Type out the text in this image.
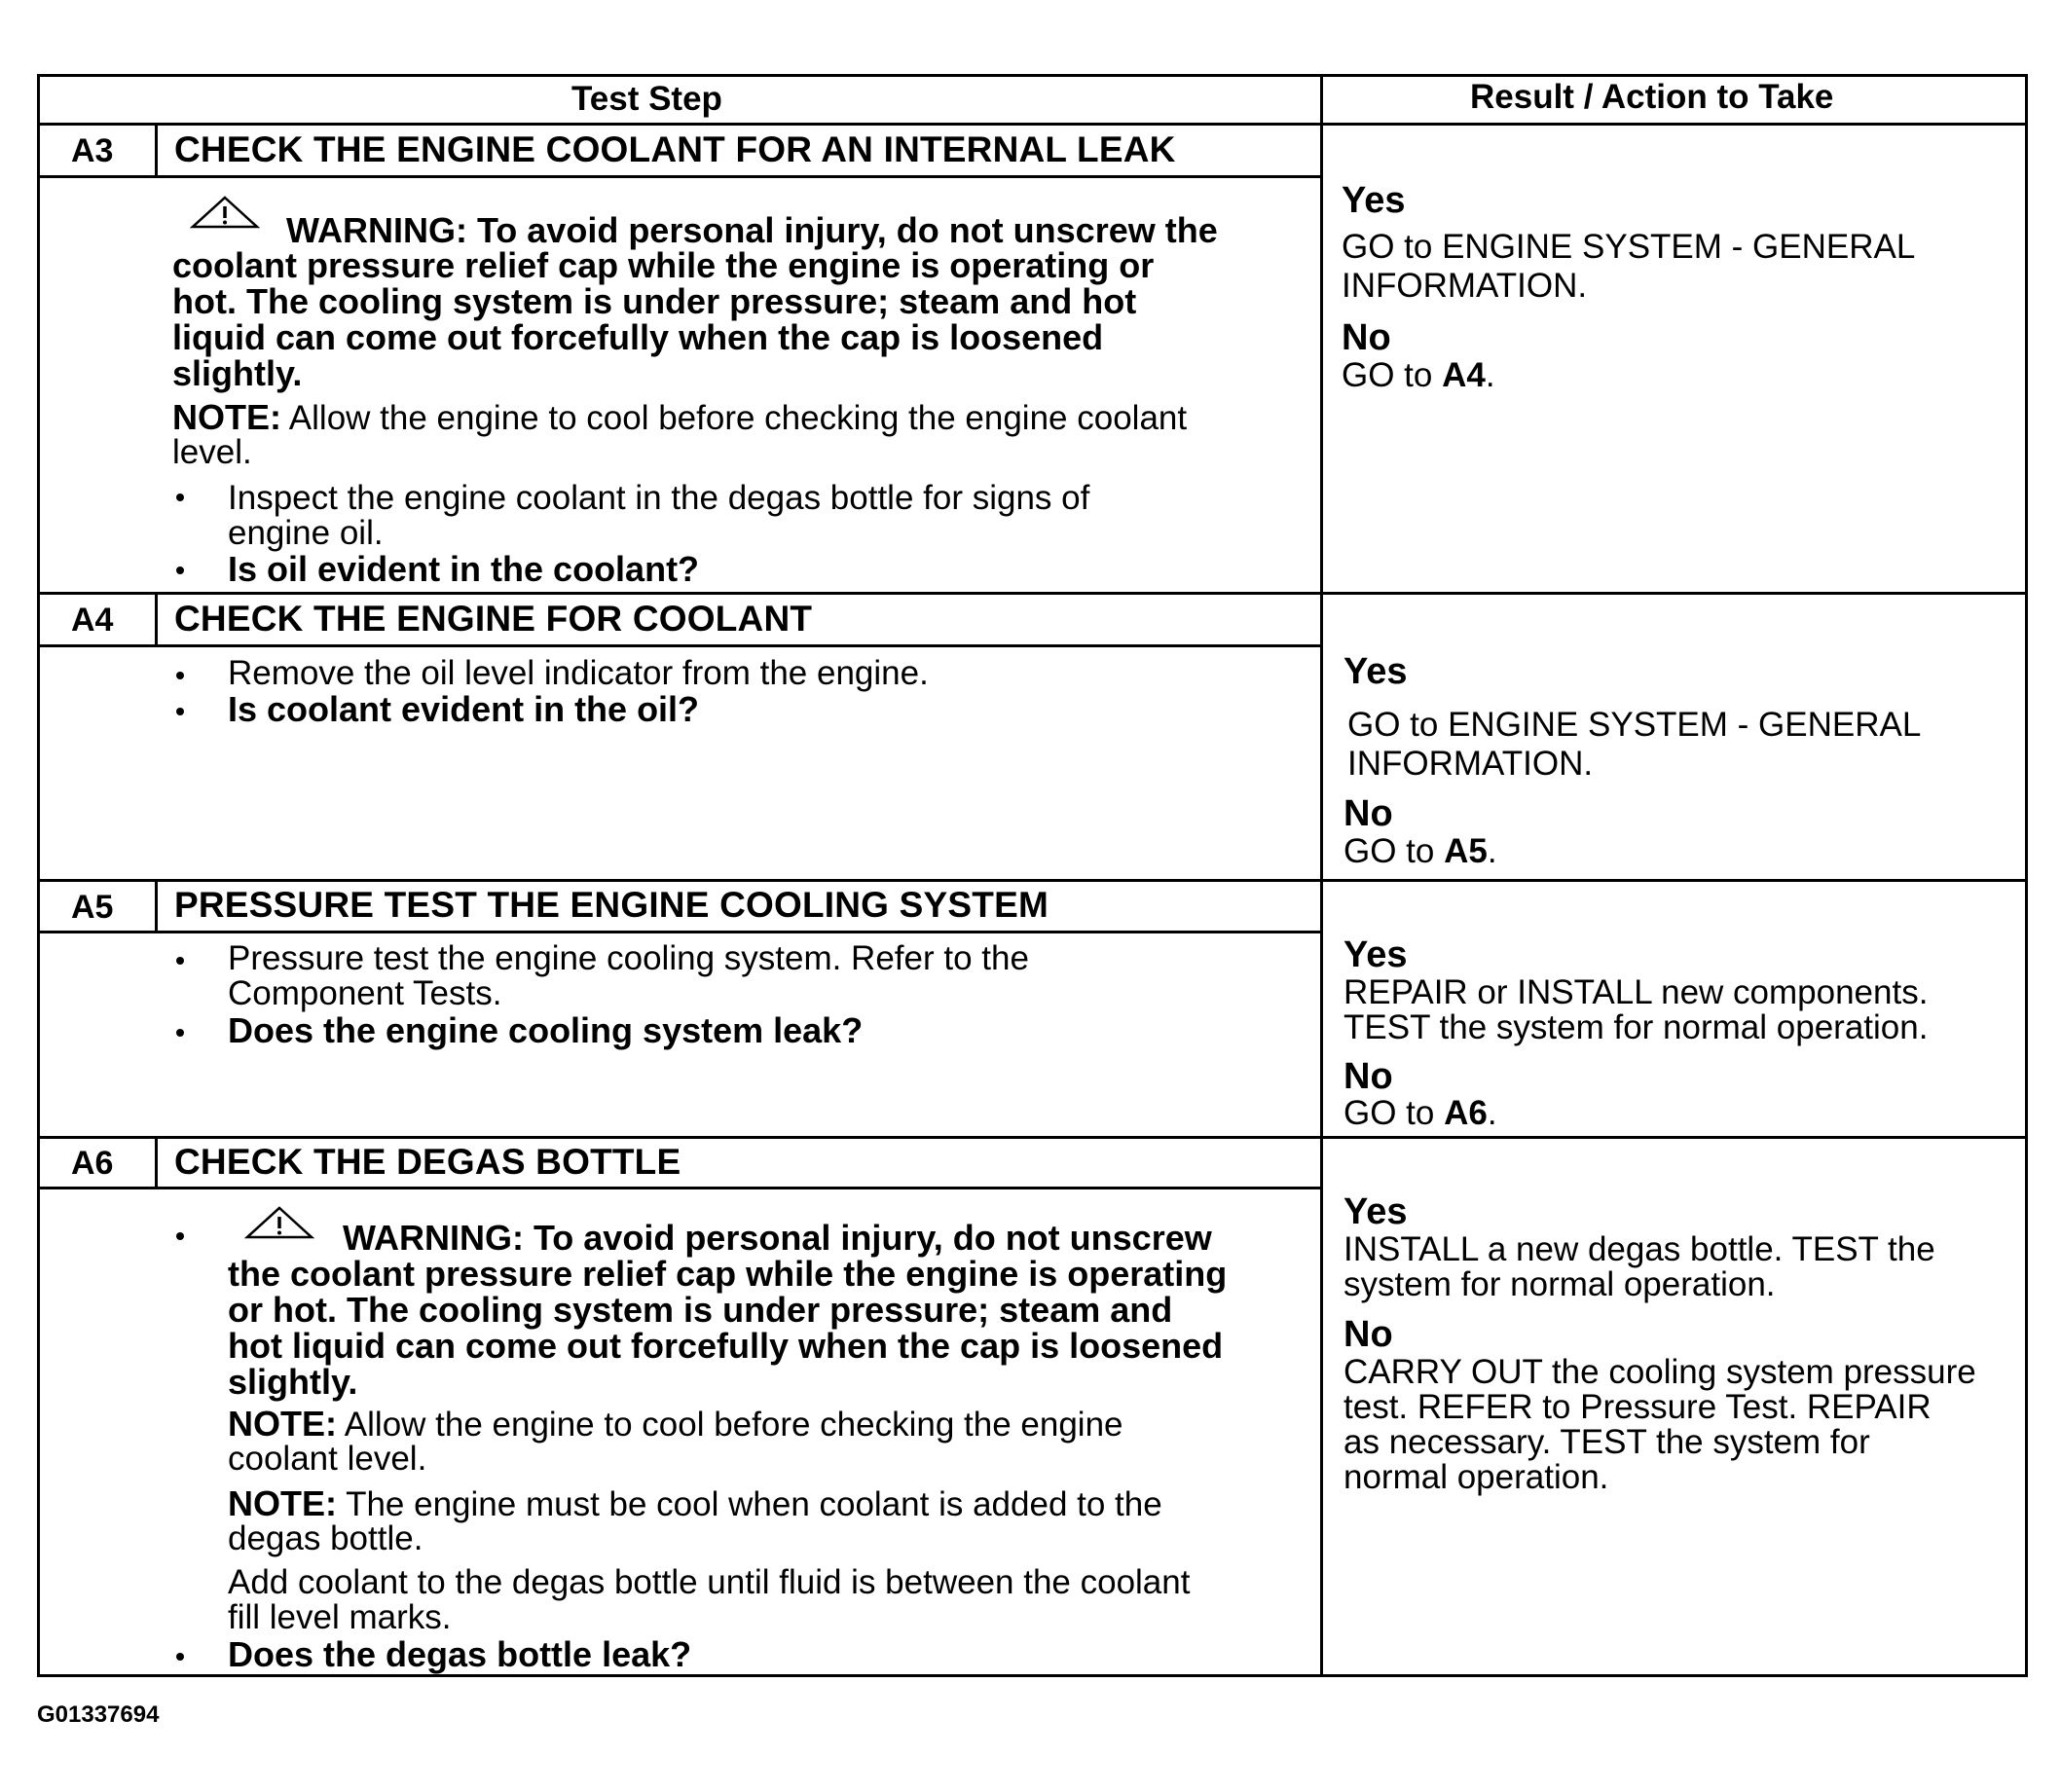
Test Step	Result / Action to Take
A3 CHECK THE ENGINE COOLANT FOR AN INTERNAL LEAK
WARNING: To avoid personal injury, do not unscrew the
coolant pressure relief cap while the engine is operating or
hot. The cooling system is under pressure; steam and hot
liquid can come out forcefully when the cap is loosened
slightly.
NOTE: Allow the engine to cool before checking the engine coolant
level.
Inspect the engine coolant in the degas bottle for signs of
engine oil.
Is oil evident in the coolant?
Yes
GO to ENGINE SYSTEM - GENERAL
INFORMATION.
No
GO to A4.
A4 CHECK THE ENGINE FOR COOLANT
Remove the oil level indicator from the engine.
Is coolant evident in the oil?
Yes
GO to ENGINE SYSTEM - GENERAL
INFORMATION.
No
GO to A5.
A5 PRESSURE TEST THE ENGINE COOLING SYSTEM
Pressure test the engine cooling system. Refer to the
Component Tests.
Does the engine cooling system leak?
Yes
REPAIR or INSTALL new components.
TEST the system for normal operation.
No
GO to A6.
A6 CHECK THE DEGAS BOTTLE
WARNING: To avoid personal injury, do not unscrew
the coolant pressure relief cap while the engine is operating
or hot. The cooling system is under pressure; steam and
hot liquid can come out forcefully when the cap is loosened
slightly.
NOTE: Allow the engine to cool before checking the engine
coolant level.
NOTE: The engine must be cool when coolant is added to the
degas bottle.
Add coolant to the degas bottle until fluid is between the coolant
fill level marks.
Does the degas bottle leak?
Yes
INSTALL a new degas bottle. TEST the
system for normal operation.
No
CARRY OUT the cooling system pressure
test. REFER to Pressure Test. REPAIR
as necessary. TEST the system for
normal operation.
G01337694
